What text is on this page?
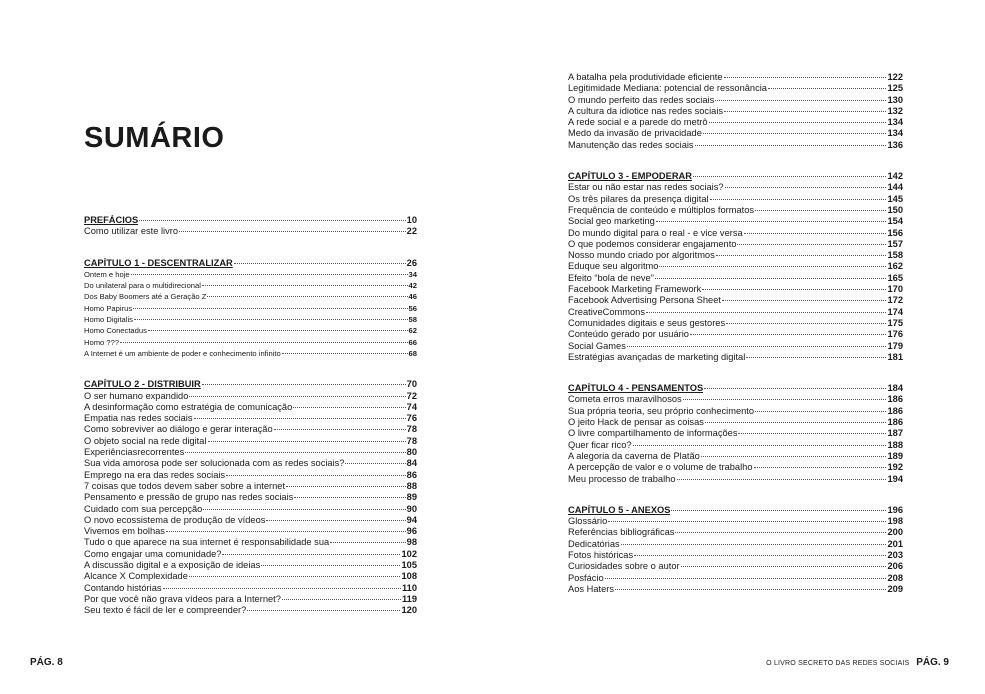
SUMÁRIO
PREFÁCIOS	10
Como utilizar este livro	22
CAPÍTULO 1 - DESCENTRALIZAR	26
Ontem e hoje	34
Do unilateral para o multidirecional	42
Dos Baby Boomers até a Geração Z	46
Homo Papirus	56
Homo Digitalis	58
Homo Conectadus	62
Homo ???	66
A Internet é um ambiente de poder e conhecimento infinito	68
CAPÍTULO 2 - DISTRIBUIR	70
O ser humano expandido	72
A desinformação como estratégia de comunicação	74
Empatia nas redes sociais	76
Como sobreviver ao diálogo e gerar interação	78
O objeto social na rede digital	78
Experiênciasrecorrentes	80
Sua vida amorosa pode ser solucionada com as redes sociais?	84
Emprego na era das redes sociais	86
7 coisas que todos devem saber sobre a internet	88
Pensamento e pressão de grupo nas redes sociais	89
Cuidado com sua percepção	90
O novo ecossistema de produção de vídeos	94
Vivemos em bolhas	96
Tudo o que aparece na sua internet é responsabilidade sua	98
Como engajar uma comunidade?	102
A discussão digital e a exposição de ideias	105
Alcance X Complexidade	108
Contando histórias	110
Por que você não grava vídeos para a Internet?	119
Seu texto é fácil de ler e compreender?	120
A batalha pela produtividade eficiente	122
Legitimidade Mediana: potencial de ressonância	125
O mundo perfeito das redes sociais	130
A cultura da idiotice nas redes sociais	132
A rede social e a parede do metrô	134
Medo da invasão de privacidade	134
Manutenção das redes sociais	136
CAPÍTULO 3 - EMPODERAR	142
Estar ou não estar nas redes sociais?	144
Os três pilares da presença digital	145
Frequência de conteúdo e múltiplos formatos	150
Social geo marketing	154
Do mundo digital para o real - e vice versa	156
O que podemos considerar engajamento	157
Nosso mundo criado por algoritmos	158
Eduque seu algoritmo	162
Efeito “bola de neve”	165
Facebook Marketing Framework	170
Facebook Advertising Persona Sheet	172
CreativeCommons	174
Comunidades digitais e seus gestores	175
Conteúdo gerado por usuário	176
Social Games	179
Estratégias avançadas de marketing digital	181
CAPÍTULO 4 - PENSAMENTOS	184
Cometa erros maravilhosos	186
Sua própria teoria, seu próprio conhecimento	186
O jeito Hack de pensar as coisas	186
O livre compartilhamento de informações	187
Quer ficar rico?	188
A alegoria da caverna de Platão	189
A percepção de valor e o volume de trabalho	192
Meu processo de trabalho	194
CAPÍTULO 5 - ANEXOS	196
Glossário	198
Referências bibliográficas	200
Dedicatórias	201
Fotos históricas	203
Curiosidades sobre o autor	206
Posfácio	208
Aos Haters	209
PÁG. 8	O LIVRO SECRETO DAS REDES SOCIAIS PÁG. 9
